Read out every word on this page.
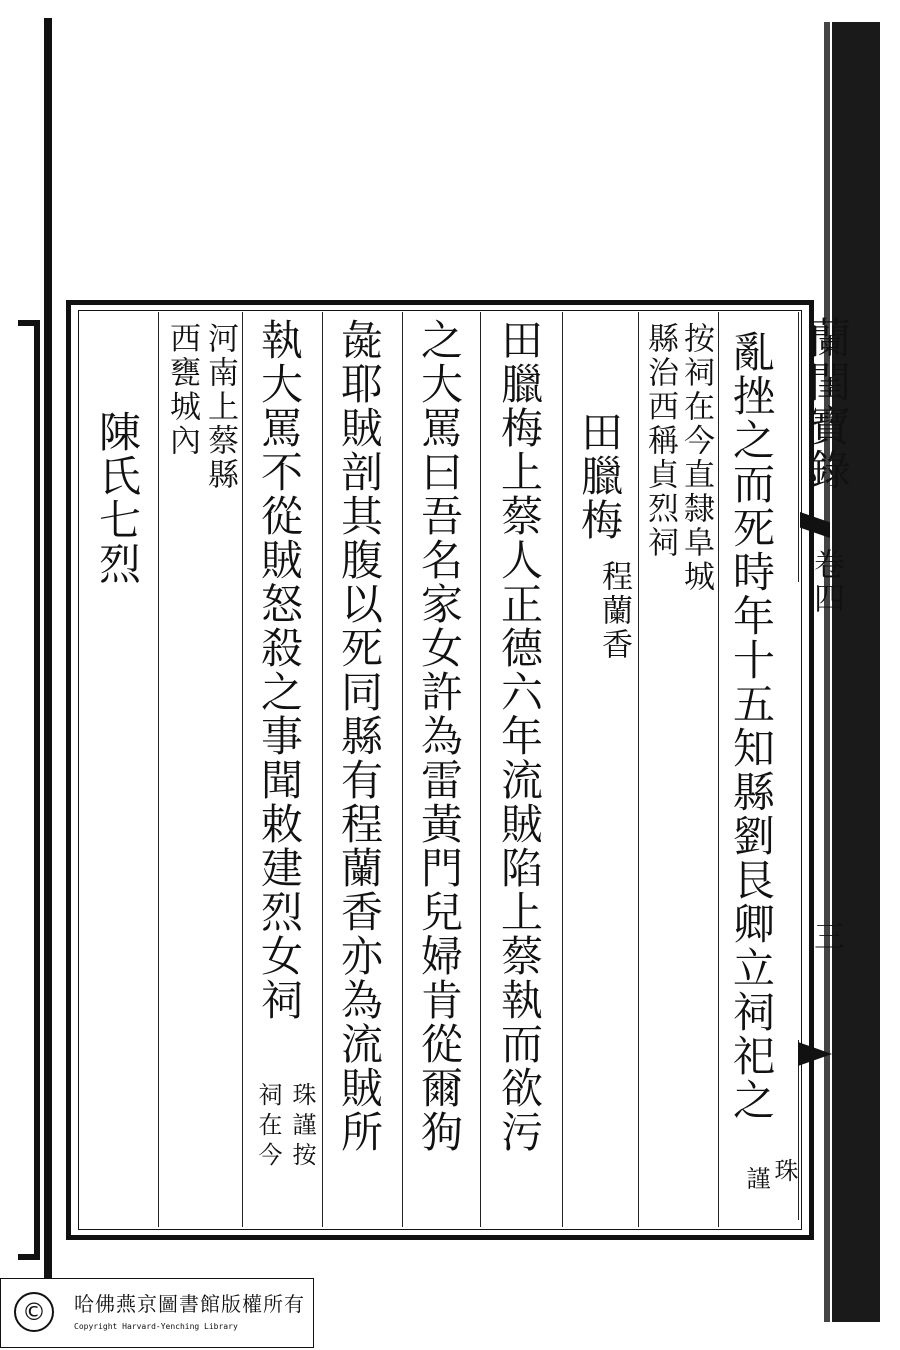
蘭閨寶錄
卷四
三
亂挫之而死時年十五知縣劉艮卿立祠祀之
珠
謹
按祠在今直隸阜城
縣治西稱貞烈祠
田臘梅
程蘭香
田臘梅上蔡人正德六年流賊陷上蔡執而欲污
之大罵曰吾名家女許為雷黃門兒婦肯從爾狗
彘耶賊剖其腹以死同縣有程蘭香亦為流賊所
執大罵不從賊怒殺之事聞敕建烈女祠
珠謹按
祠在今
河南上蔡縣
西甕城內
陳氏七烈
©	哈佛燕京圖書館版權所有
Copyright Harvard-Yenching Library
